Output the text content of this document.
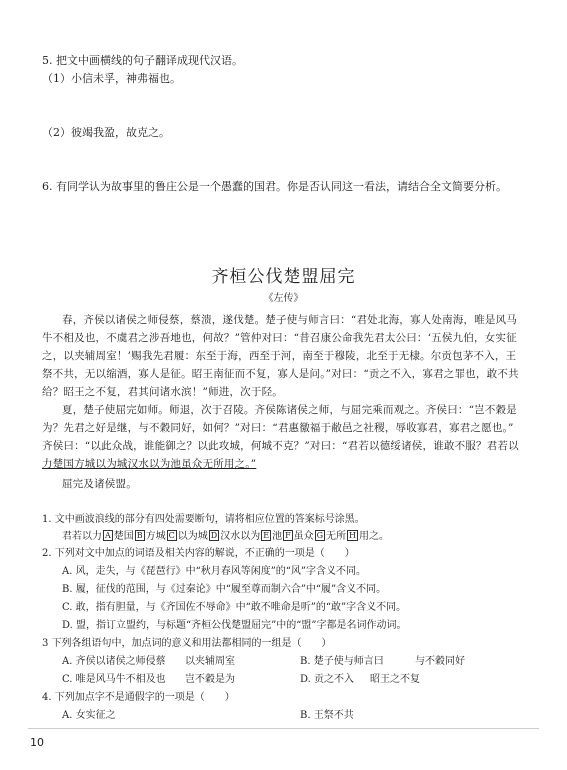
5. 把文中画横线的句子翻译成现代汉语。
（1）小信未孚，神弗福也。
（2）彼竭我盈，故克之。
6. 有同学认为故事里的鲁庄公是一个愚蠢的国君。你是否认同这一看法，请结合全文简要分析。
齐桓公伐楚盟屈完
《左传》
春，齐侯以诸侯之师侵蔡，蔡溃，遂伐楚。楚子使与师言曰：“君处北海，寡人处南海，唯是风马
牛不相及也，不虞君之涉吾地也，何故？”管仲对曰：“昔召康公命我先君太公曰：‘五侯九伯，女实征
之，以夹辅周室！’赐我先君履：东至于海，西至于河，南至于穆陵，北至于无棣。尔贡包茅不入，王
祭不共，无以缩酒，寡人是征。昭王南征而不复，寡人是问。”对曰：“贡之不入，寡君之罪也，敢不共
给？昭王之不复，君其问诸水滨！”师进，次于陉。
夏，楚子使屈完如师。师退，次于召陵。齐侯陈诸侯之师，与屈完乘而观之。齐侯曰：“岂不穀是
为？先君之好是继，与不穀同好，如何？”对曰：“君惠徼福于敝邑之社稷，辱收寡君，寡君之愿也。”
齐侯曰：“以此众战，谁能御之？以此攻城，何城不克？”对曰：“君若以德绥诸侯，谁敢不服？君若以
力楚国方城以为城汉水以为池虽众无所用之。”
屈完及诸侯盟。
1. 文中画波浪线的部分有四处需要断句，请将相应位置的答案标号涂黑。
君若以力 A 楚国 B 方城 C 以为城 D 汉水以为 E 池 F 虽众 G 无所 H 用之。
2. 下列对文中加点的词语及相关内容的解说，不正确的一项是（　　）
A. 风，走失，与《琵琶行》中“秋月春风等闲度”的“风”字含义不同。
B. 履，征伐的范围，与《过秦论》中“履至尊而制六合”中“履”含义不同。
C. 敢，指有胆量，与《齐国佐不辱命》中“敢不唯命是听”的“敢”字含义不同。
D. 盟，指订立盟约，与标题“齐桓公伐楚盟屈完”中的“盟”字都是名词作动词。
3 下列各组语句中，加点词的意义和用法都相同的一组是（　　）
A. 齐侯以诸侯之师侵蔡 以夹辅周室	B. 楚子使与师言曰	与不穀同好
C. 唯是风马牛不相及也 岂不穀是为	D. 贡之不入 昭王之不复
4. 下列加点字不是通假字的一项是（　　）
A. 女实征之	B. 王祭不共
10
